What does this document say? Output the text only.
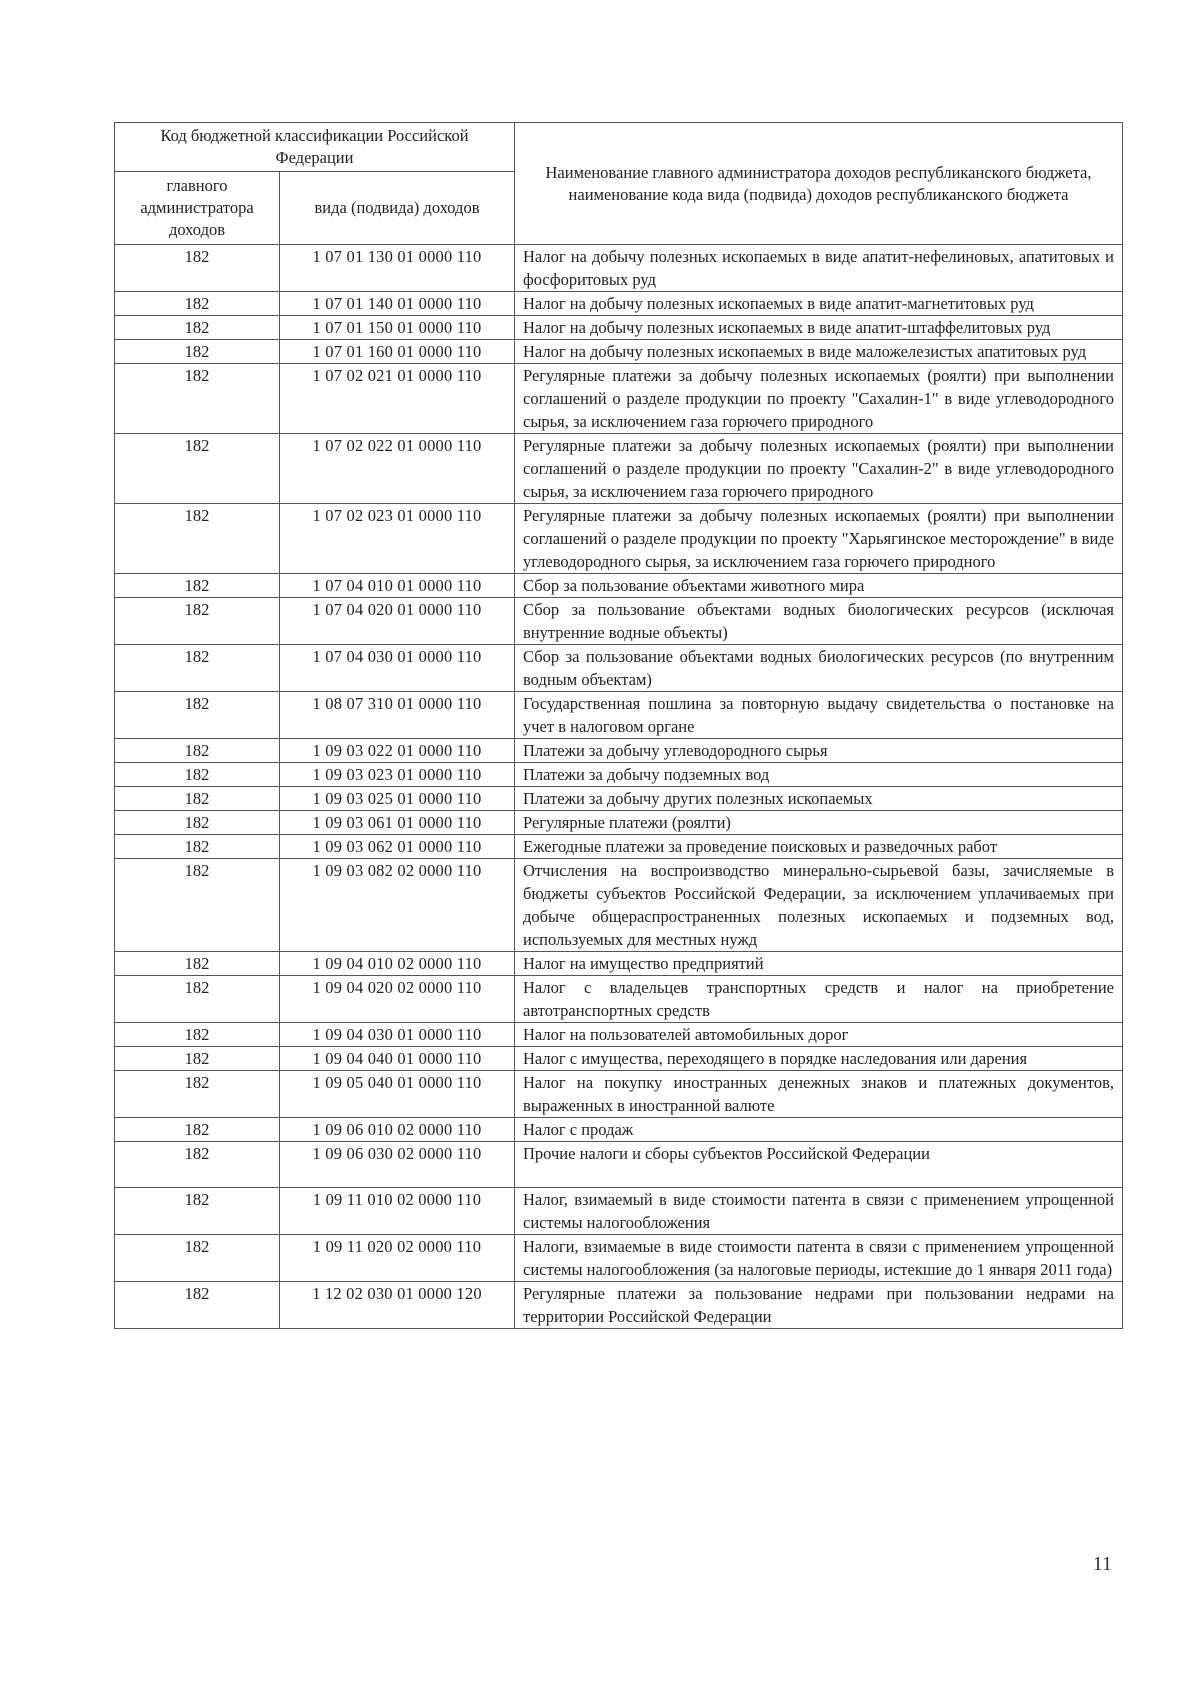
Код бюджетной классификации Российской Федерации		Наименование главного администратора доходов республиканского бюджета, наименование кода вида (подвида) доходов республиканского бюджета
главного администратора доходов	вида (подвида) доходов	
182	1 07 01 130 01 0000 110	Налог на добычу полезных ископаемых в виде апатит-нефелиновых, апатитовых и фосфоритовых руд
182	1 07 01 140 01 0000 110	Налог на добычу полезных ископаемых в виде апатит-магнетитовых руд
182	1 07 01 150 01 0000 110	Налог на добычу полезных ископаемых в виде апатит-штаффелитовых руд
182	1 07 01 160 01 0000 110	Налог на добычу полезных ископаемых в виде маложелезистых апатитовых руд
182	1 07 02 021 01 0000 110	Регулярные платежи за добычу полезных ископаемых (роялти) при выполнении соглашений о разделе продукции по проекту "Сахалин-1" в виде углеводородного сырья, за исключением газа горючего природного
182	1 07 02 022 01 0000 110	Регулярные платежи за добычу полезных ископаемых (роялти) при выполнении соглашений о разделе продукции по проекту "Сахалин-2" в виде углеводородного сырья, за исключением газа горючего природного
182	1 07 02 023 01 0000 110	Регулярные платежи за добычу полезных ископаемых (роялти) при выполнении соглашений о разделе продукции по проекту "Харьягинское месторождение" в виде углеводородного сырья, за исключением газа горючего природного
182	1 07 04 010 01 0000 110	Сбор за пользование объектами животного мира
182	1 07 04 020 01 0000 110	Сбор за пользование объектами водных биологических ресурсов (исключая внутренние водные объекты)
182	1 07 04 030 01 0000 110	Сбор за пользование объектами водных биологических ресурсов (по внутренним водным объектам)
182	1 08 07 310 01 0000 110	Государственная пошлина за повторную выдачу свидетельства о постановке на учет в налоговом органе
182	1 09 03 022 01 0000 110	Платежи за добычу углеводородного сырья
182	1 09 03 023 01 0000 110	Платежи за добычу подземных вод
182	1 09 03 025 01 0000 110	Платежи за добычу других полезных ископаемых
182	1 09 03 061 01 0000 110	Регулярные платежи (роялти)
182	1 09 03 062 01 0000 110	Ежегодные платежи за проведение поисковых и разведочных работ
182	1 09 03 082 02 0000 110	Отчисления на воспроизводство минерально-сырьевой базы, зачисляемые в бюджеты субъектов Российской Федерации, за исключением уплачиваемых при добыче общераспространенных полезных ископаемых и подземных вод, используемых для местных нужд
182	1 09 04 010 02 0000 110	Налог на имущество предприятий
182	1 09 04 020 02 0000 110	Налог с владельцев транспортных средств и налог на приобретение автотранспортных средств
182	1 09 04 030 01 0000 110	Налог на пользователей автомобильных дорог
182	1 09 04 040 01 0000 110	Налог с имущества, переходящего в порядке наследования или дарения
182	1 09 05 040 01 0000 110	Налог на покупку иностранных денежных знаков и платежных документов, выраженных в иностранной валюте
182	1 09 06 010 02 0000 110	Налог с продаж
182	1 09 06 030 02 0000 110	Прочие налоги и сборы субъектов Российской Федерации
182	1 09 11 010 02 0000 110	Налог, взимаемый в виде стоимости патента в связи с применением упрощенной системы налогообложения
182	1 09 11 020 02 0000 110	Налоги, взимаемые в виде стоимости патента в связи с применением упрощенной системы налогообложения (за налоговые периоды, истекшие до 1 января 2011 года)
182	1 12 02 030 01 0000 120	Регулярные платежи за пользование недрами при пользовании недрами на территории Российской Федерации
11
